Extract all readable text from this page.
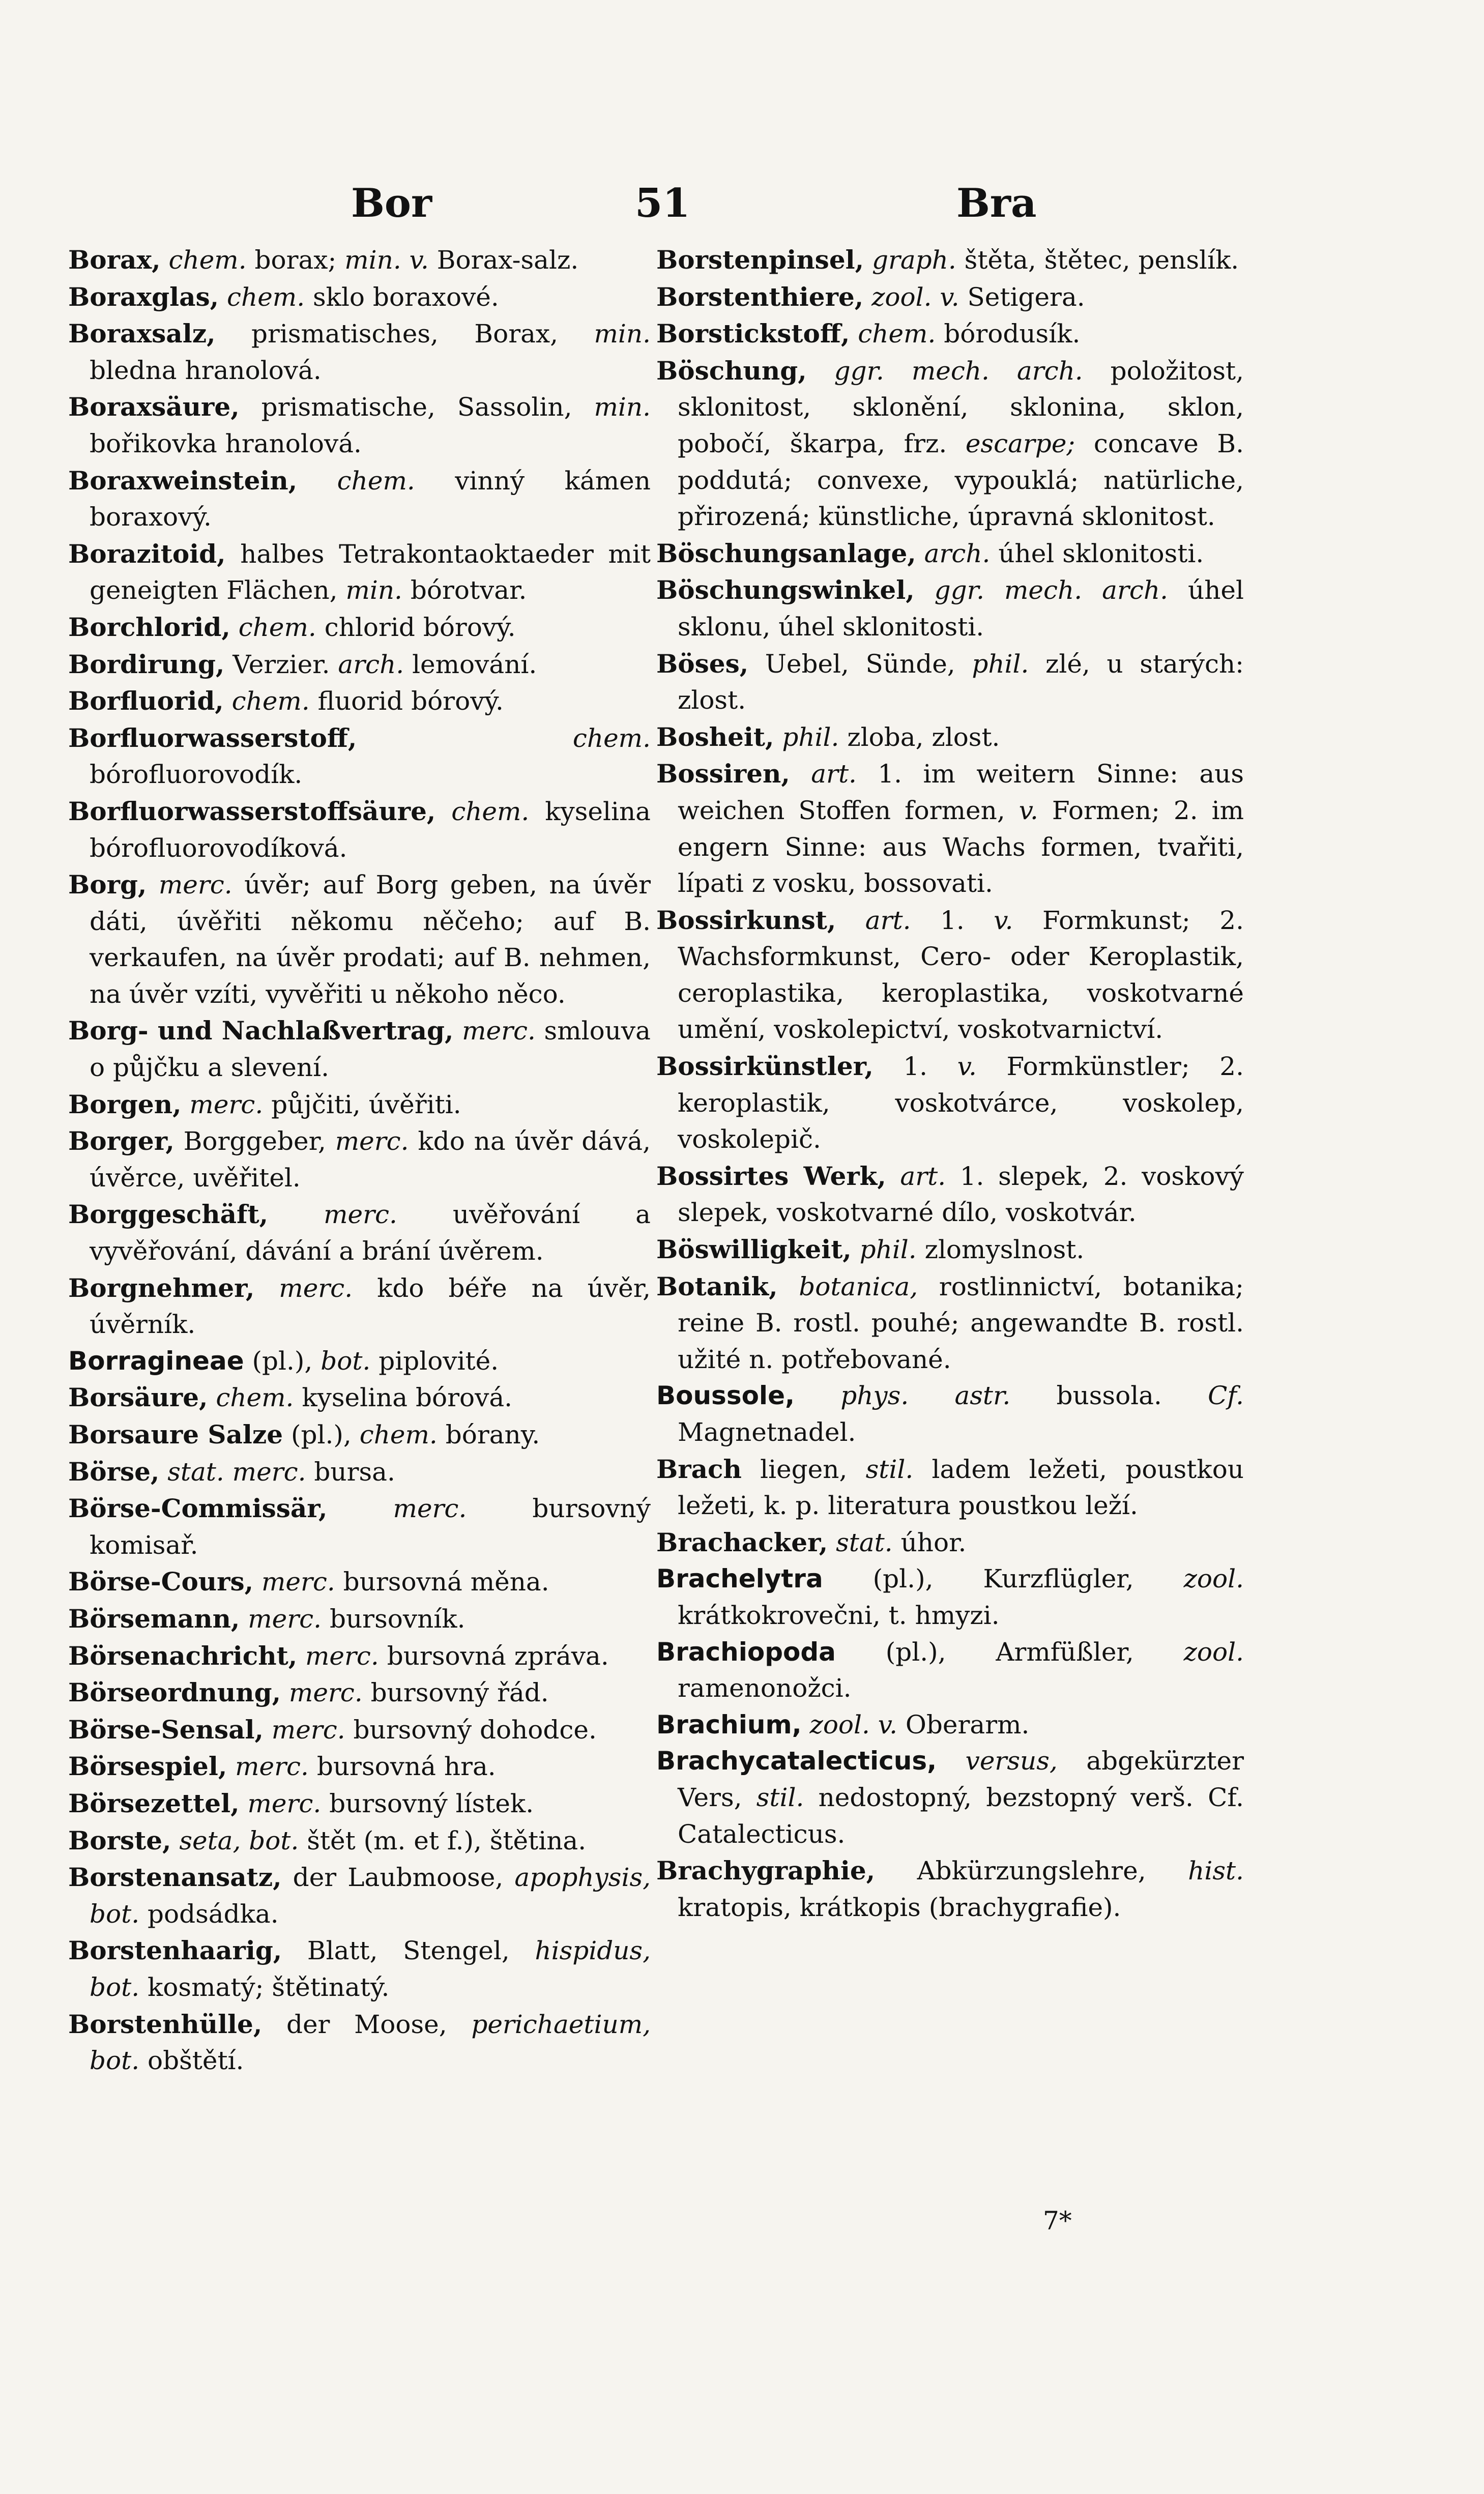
Bor	51	Bra

Borax, chem. borax; min. v. Borax-salz.

Boraxglas, chem. sklo boraxové.

Boraxsalz, prismatisches, Borax, min. bledna hranolová.

Boraxsäure, prismatische, Sassolin, min. bořikovka hranolová.

Boraxweinstein, chem. vinný kámen boraxový.

Borazitoid, halbes Tetrakontaoktaeder mit geneigten Flächen, min. bórotvar.

Borchlorid, chem. chlorid bórový.

Bordirung, Verzier. arch. lemování.

Borfluorid, chem. fluorid bórový.

Borfluorwasserstoff,	chem. bórofluorovodík.

Borfluorwasserstoffsäure, chem. kyselina bórofluorovodíková.

Borg, merc. úvěr; auf Borg geben, na úvěr dáti, úvěřiti někomu něčeho; auf B. verkaufen, na úvěr prodati; auf B. nehmen, na úvěr vzíti, vyvěřiti u někoho něco.

Borg- und Nachlaßvertrag, merc. smlouva o půjčku a slevení.

Borgen, merc. půjčiti, úvěřiti.

Borger, Borggeber, merc. kdo na úvěr dává, úvěrce, uvěřitel.

Borggeschäft, merc. uvěřování a vyvěřování, dávání a brání úvěrem.

Borgnehmer, merc. kdo béře na úvěr, úvěrník.

Borragineae (pl.), bot. piplovité.

Borsäure, chem. kyselina bórová.

Borsaure Salze (pl.), chem. bórany.

Börse, stat. merc. bursa.

Börse-Commissär,	merc. bursovný komisař.

Börse-Cours, merc. bursovná měna.

Börsemann, merc. bursovník.

Börsenachricht, merc. bursovná zpráva.

Börseordnung, merc. bursovný řád.

Börse-Sensal, merc. bursovný dohodce.

Börsespiel, merc. bursovná hra.

Börsezettel, merc. bursovný lístek.

Borste, seta, bot. štět (m. et f.), štětina.

Borstenansatz, der Laubmoose, apophysis, bot. podsádka.

Borstenhaarig, Blatt, Stengel, hispidus, bot. kosmatý; štětinatý.

Borstenhülle, der Moose, perichaetium, bot. obštětí.

Borstenpinsel, graph. štěta, štětec, penslík.

Borstenthiere, zool. v. Setigera.

Borstickstoff, chem. bórodusík.

Böschung, ggr. mech. arch. položitost, sklonitost, sklonění, sklonina, sklon, pobočí, škarpa, frz. escarpe; concave B. poddutá; convexe, vypouklá; natürliche, přirozená; künstliche, úpravná sklonitost.

Böschungsanlage, arch. úhel sklonitosti.

Böschungswinkel, ggr. mech. arch. úhel sklonu, úhel sklonitosti.

Böses, Uebel, Sünde, phil. zlé, u starých: zlost.

Bosheit, phil. zloba, zlost.

Bossiren, art. 1. im weitern Sinne: aus weichen Stoffen formen, v. Formen; 2. im engern Sinne: aus Wachs formen, tvařiti, lípati z vosku, bossovati.

Bossirkunst, art. 1. v. Formkunst; 2. Wachsformkunst, Cero- oder Keroplastik, ceroplastika, keroplastika, voskotvarné umění, voskolepictví, voskotvarnictví.

Bossirkünstler, 1. v. Formkünstler; 2. keroplastik, voskotvárce, voskolep, voskolepič.

Bossirtes Werk, art. 1. slepek, 2. voskový slepek, voskotvarné dílo, voskotvár.

Böswilligkeit, phil. zlomyslnost.

Botanik, botanica, rostlinnictví, botanika; reine B. rostl. pouhé; angewandte B. rostl. užité n. potřebované.

Boussole, phys. astr. bussola. Cf. Magnetnadel.

Brach liegen, stil. ladem ležeti, poustkou ležeti, k. p. literatura poustkou leží.

Brachacker, stat. úhor.

Brachelytra (pl.), Kurzflügler, zool. krátkokrovečni, t. hmyzi.

Brachiopoda (pl.), Armfüßler, zool. ramenonožci.

Brachium, zool. v. Oberarm.

Brachycatalecticus, versus, abgekürzter Vers, stil. nedostopný, bezstopný verš. Cf. Catalecticus.

Brachygraphie, Abkürzungslehre, hist. kratopis, krátkopis (brachygrafie).

7*
